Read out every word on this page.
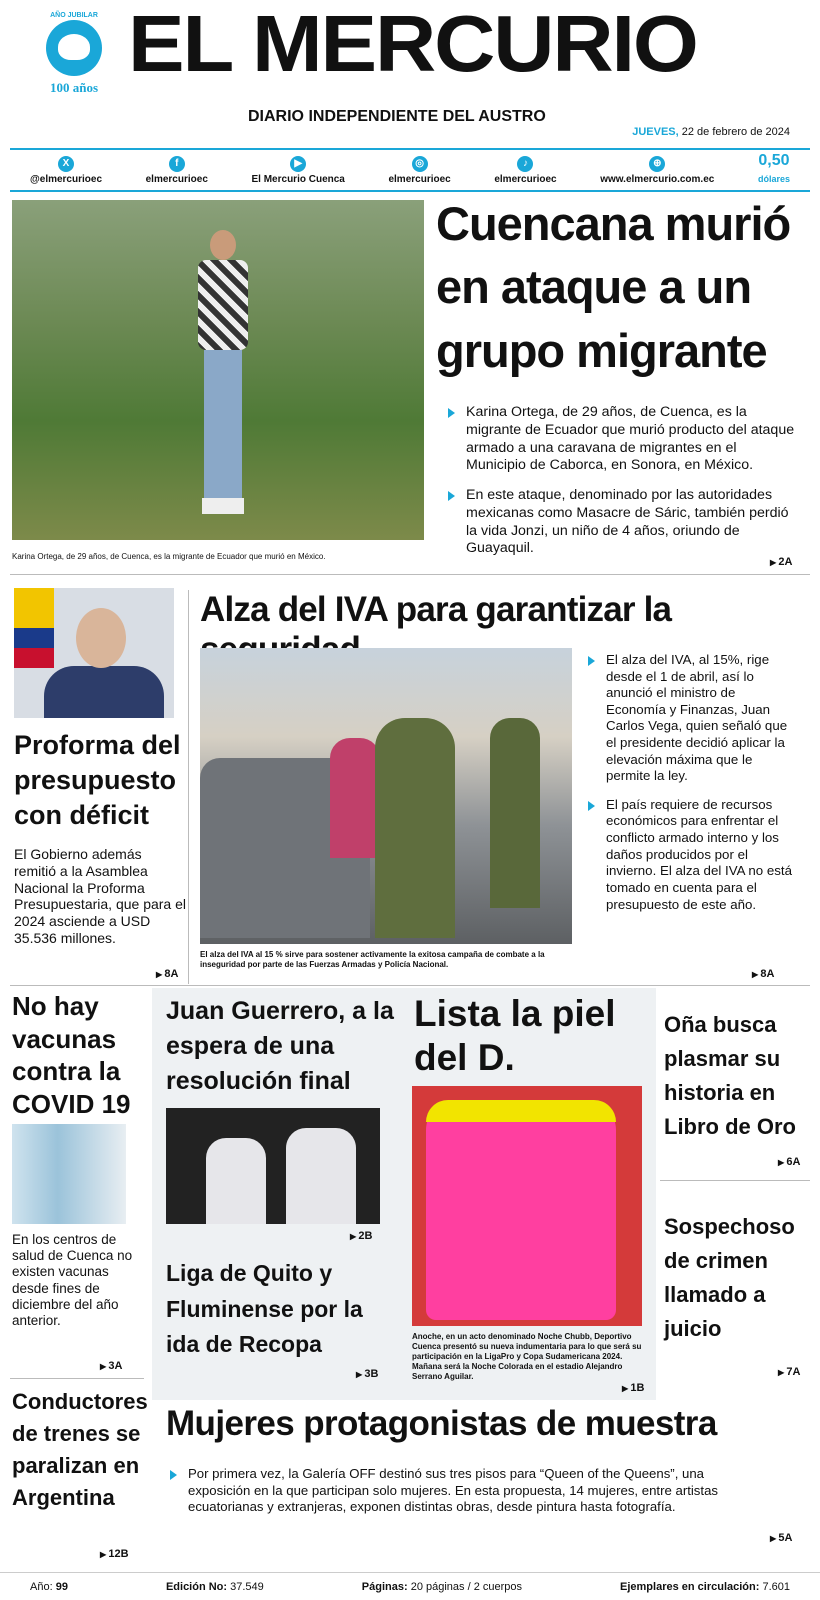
AÑO JUBILAR
100 años EL MERCURIO
DIARIO INDEPENDIENTE DEL AUSTRO
JUEVES, 22 de febrero de 2024
X
@elmercurioec
f
elmercurioec
▶
El Mercurio Cuenca
◎
elmercurioec
♪
elmercurioec
⊕
www.elmercurio.com.ec
0,50
dólares
Karina Ortega, de 29 años, de Cuenca, es la migrante de Ecuador que murió en México.
Cuencana murió en ataque a un grupo migrante
Karina Ortega, de 29 años, de Cuenca, es la migrante de Ecuador que murió producto del ataque armado a una caravana de migrantes en el Municipio de Caborca, en Sonora, en México.
En este ataque, denominado por las autoridades mexicanas como Masacre de Sáric, también perdió la vida Jonzi, un niño de 4 años, oriundo de Guayaquil.
▶ 2A
Proforma del presupuesto con déficit
El Gobierno además remitió a la Asamblea Nacional la Proforma Presupuestaria, que para el 2024 asciende a USD 35.536 millones.
▶ 8A
Alza del IVA para garantizar la
El alza del IVA al 15 % sirve para sostener activamente la exitosa campaña de combate a la inseguridad por parte de las Fuerzas Armadas y Policía Nacional.
El alza del IVA, al 15%, rige desde el 1 de abril, así lo anunció el ministro de Economía y Finanzas, Juan Carlos Vega, quien señaló que el presidente decidió aplicar la elevación máxima que le permite la ley.
El país requiere de recursos económicos para enfrentar el conflicto armado interno y los daños producidos por el invierno. El alza del IVA no está tomado en cuenta para el presupuesto de este año.
▶ 8A
No hay vacunas contra la COVID 19
En los centros de salud de Cuenca no existen vacunas desde fines de diciembre del año anterior.
▶ 3A
Juan Guerrero, a la espera de una resolución final
▶ 2B
Liga de Quito y Fluminense por la ida de Recopa
▶ 3B
Lista la piel del D.
Anoche, en un acto denominado Noche Chubb, Deportivo Cuenca presentó su nueva indumentaria para lo que será su participación en la LigaPro y Copa Sudamericana 2024. Mañana será la Noche Colorada en el estadio Alejandro Serrano Aguilar.
▶ 1B
Oña busca plasmar su historia en Libro de Oro
▶ 6A
Sospechoso de crimen llamado a juicio
▶ 7A
Conductores de trenes se paralizan en Argentina
▶ 12B
Mujeres protagonistas de muestra
Por primera vez, la Galería OFF destinó sus tres pisos para “Queen of the Queens”, una exposición en la que participan solo mujeres. En esta propuesta, 14 mujeres, entre artistas ecuatorianas y extranjeras, exponen distintas obras, desde pintura hasta fotografía.
▶ 5A
Año: 99	Edición No: 37.549	Páginas: 20 páginas / 2 cuerpos	Ejemplares en circulación: 7.601
